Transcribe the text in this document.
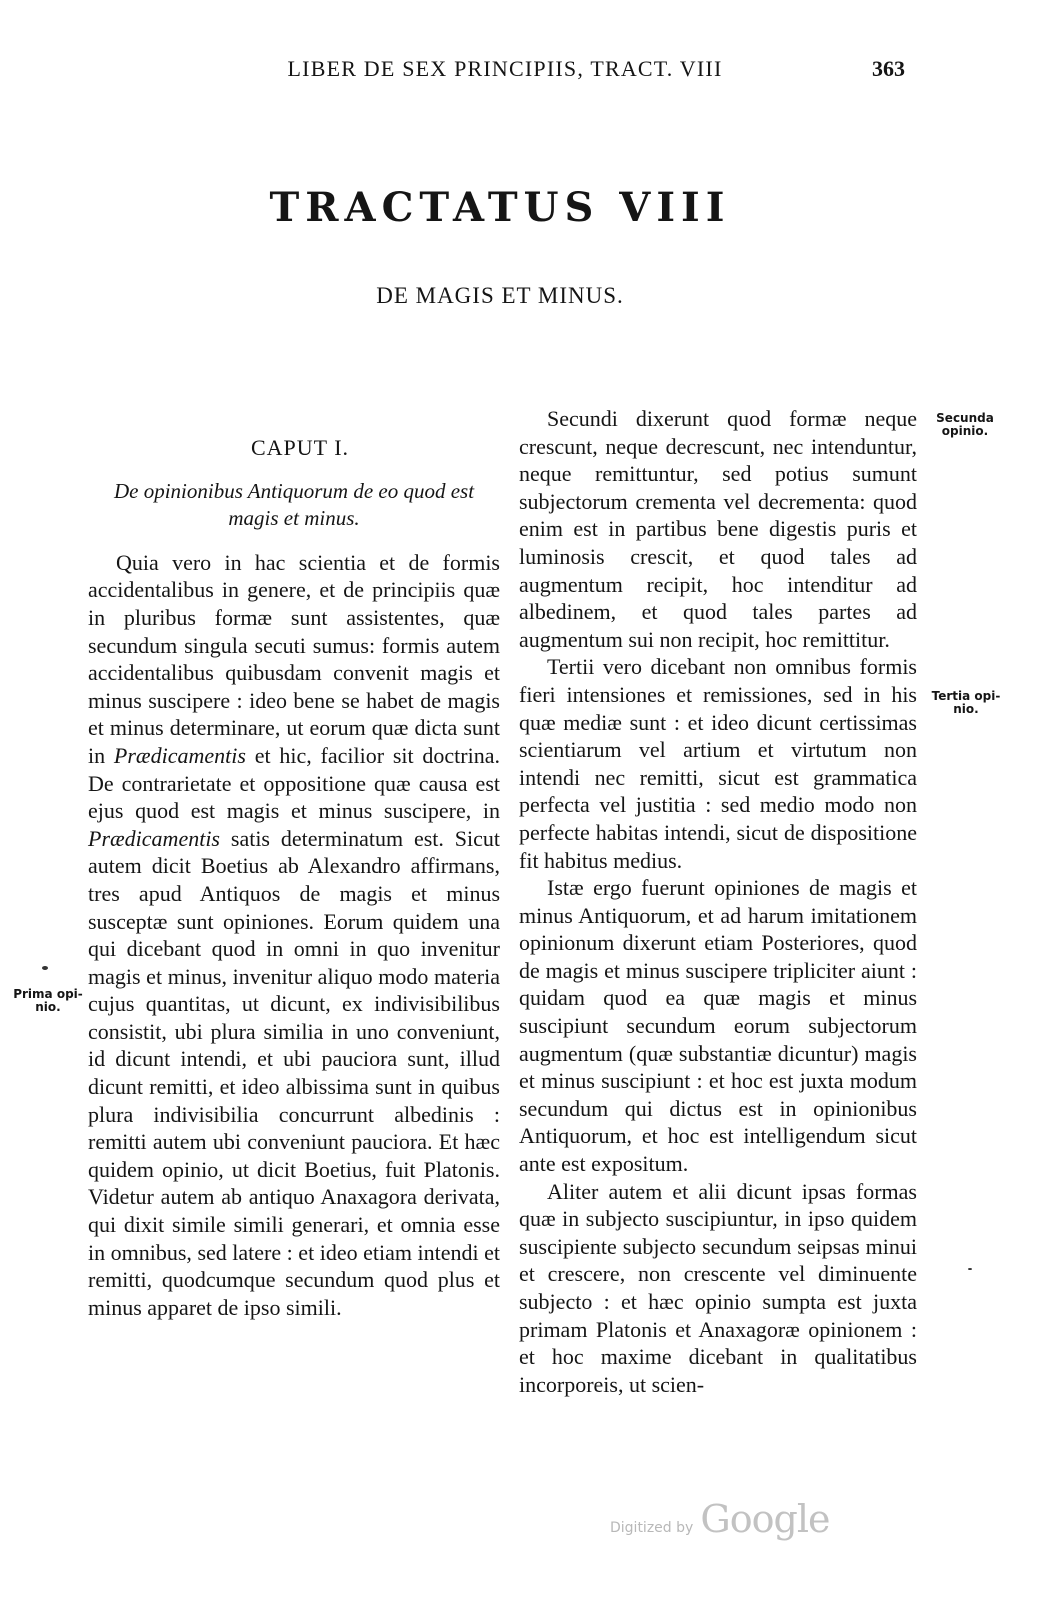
LIBER DE SEX PRINCIPIIS, TRACT. VIII	363
TRACTATUS VIII
DE MAGIS ET MINUS.
CAPUT I.
De opinionibus Antiquorum de eo quod est magis et minus.

Quia vero in hac scientia et de formis accidentalibus in genere, et de principiis quæ in pluribus formæ sunt assistentes, quæ secundum singula secuti sumus: formis autem accidentalibus quibusdam convenit magis et minus suscipere : ideo bene se habet de magis et minus determinare, ut eorum quæ dicta sunt in Prædicamentis et hic, facilior sit doctrina. De contrarietate et oppositione quæ causa est ejus quod est magis et minus suscipere, in Prædicamentis satis determinatum est. Sicut autem dicit Boetius ab Alexandro affirmans, tres apud Antiquos de magis et minus susceptæ sunt opiniones. Eorum quidem una qui dicebant quod in omni in quo invenitur magis et minus, invenitur aliquo modo materia cujus quantitas, ut dicunt, ex indivisibilibus consistit, ubi plura similia in uno conveniunt, id dicunt intendi, et ubi pauciora sunt, illud dicunt remitti, et ideo albissima sunt in quibus plura indivisibilia concurrunt albedinis : remitti autem ubi conveniunt pauciora. Et hæc quidem opinio, ut dicit Boetius, fuit Platonis. Videtur autem ab antiquo Anaxagora derivata, qui dixit simile simili generari, et omnia esse in omnibus, sed latere : et ideo etiam intendi et remitti, quodcumque secundum quod plus et minus apparet de ipso simili.

Secundi dixerunt quod formæ neque crescunt, neque decrescunt, nec intenduntur, neque remittuntur, sed potius sumunt subjectorum crementa vel decrementa: quod enim est in partibus bene digestis puris et luminosis crescit, et quod tales ad augmentum recipit, hoc intenditur ad albedinem, et quod tales partes ad augmentum sui non recipit, hoc remittitur.

Tertii vero dicebant non omnibus formis fieri intensiones et remissiones, sed in his quæ mediæ sunt : et ideo dicunt certissimas scientiarum vel artium et virtutum non intendi nec remitti, sicut est grammatica perfecta vel justitia : sed medio modo non perfecte habitas intendi, sicut de dispositione fit habitus medius.

Istæ ergo fuerunt opiniones de magis et minus Antiquorum, et ad harum imitationem opinionum dixerunt etiam Posteriores, quod de magis et minus suscipere tripliciter aiunt : quidam quod ea quæ magis et minus suscipiunt secundum eorum subjectorum augmentum (quæ substantiæ dicuntur) magis et minus suscipiunt : et hoc est juxta modum secundum qui dictus est in opinionibus Antiquorum, et hoc est intelligendum sicut ante est expositum.

Aliter autem et alii dicunt ipsas formas quæ in subjecto suscipiuntur, in ipso quidem suscipiente subjecto secundum seipsas minui et crescere, non crescente vel diminuente subjecto : et hæc opinio sumpta est juxta primam Platonis et Anaxagoræ opinionem : et hoc maxime dicebant in qualitatibus incorporeis, ut scien-

Secunda
opinio.
Tertia opi-
nio.
Prima opi-
nio.
Digitized by Google
